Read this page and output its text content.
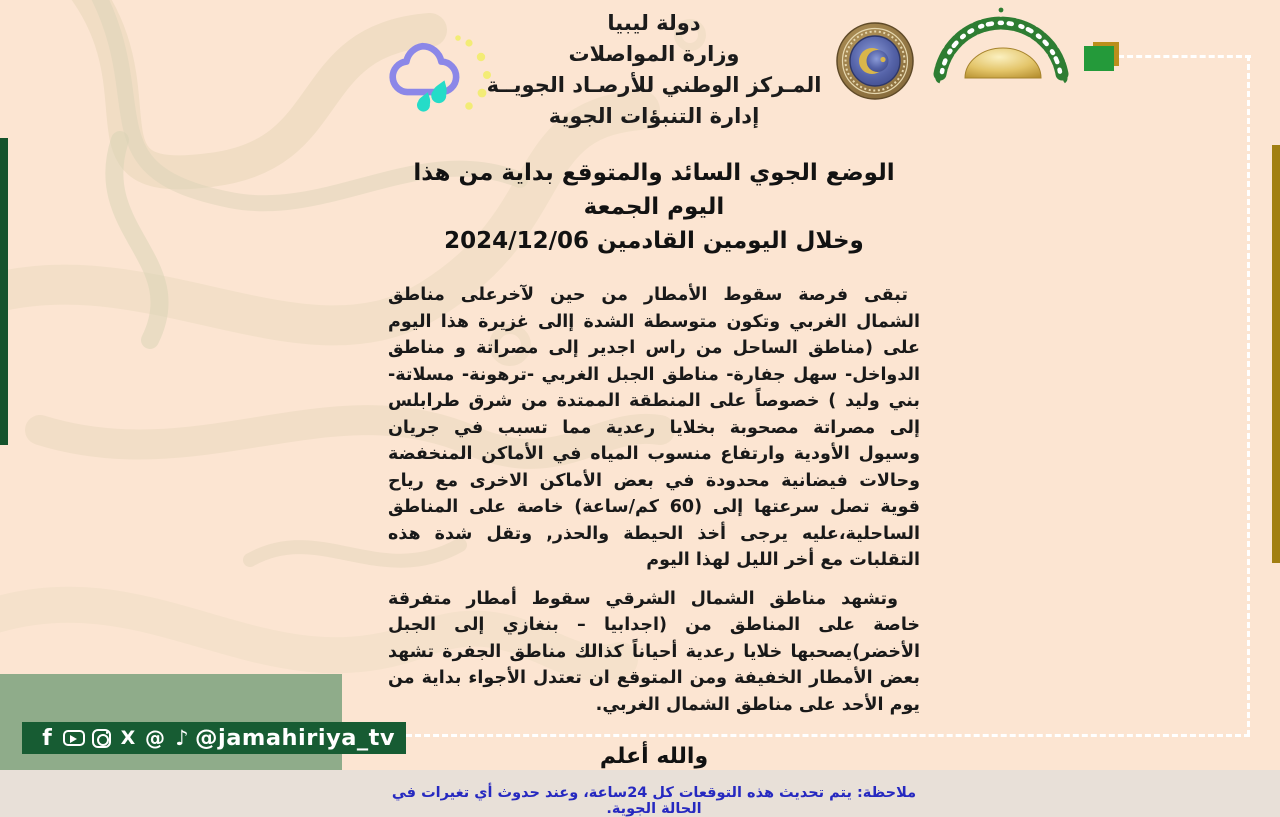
دولة ليبيا
وزارة المواصلات
المـركز الوطني للأرصـاد الجويــة
إدارة التنبؤات الجوية
الوضع الجوي السائد والمتوقع بداية من هذا اليوم الجمعة
وخلال اليومين القادمين 2024/12/06

تبقى فرصة سقوط الأمطار من حين لآخرعلى مناطق الشمال الغربي وتكون متوسطة الشدة إالى غزيرة هذا اليوم على (مناطق الساحل من راس اجدير إلى مصراتة و مناطق الدواخل- سهل جفارة- مناطق الجبل الغربي -ترهونة- مسلاتة- بني وليد ) خصوصاً على المنطقة الممتدة من شرق طرابلس إلى مصراتة مصحوبة بخلايا رعدية مما تسبب في جريان وسيول الأودية وارتفاع منسوب المياه في الأماكن المنخفضة وحالات فيضانية محدودة في بعض الأماكن الاخرى مع رياح قوية تصل سرعتها إلى (60 كم/ساعة) خاصة على المناطق الساحلية،عليه يرجى أخذ الحيطة والحذر, وتقل شدة هذه التقلبات مع أخر الليل لهذا اليوم

وتشهد مناطق الشمال الشرقي سقوط أمطار متفرقة خاصة على المناطق من (اجدابيا – بنغازي إلى الجبل الأخضر)يصحبها خلايا رعدية أحياناً كذالك مناطق الجفرة تشهد بعض الأمطار الخفيفة ومن المتوقع ان تعتدل الأجواء بداية من يوم الأحد على مناطق الشمال الغربي.

والله أعلم
ملاحظة: يتم تحديث هذه التوقعات كل 24ساعة، وعند حدوث أي تغيرات في الحالة الجوية.
f	X @ ♪ @jamahiriya_tv
